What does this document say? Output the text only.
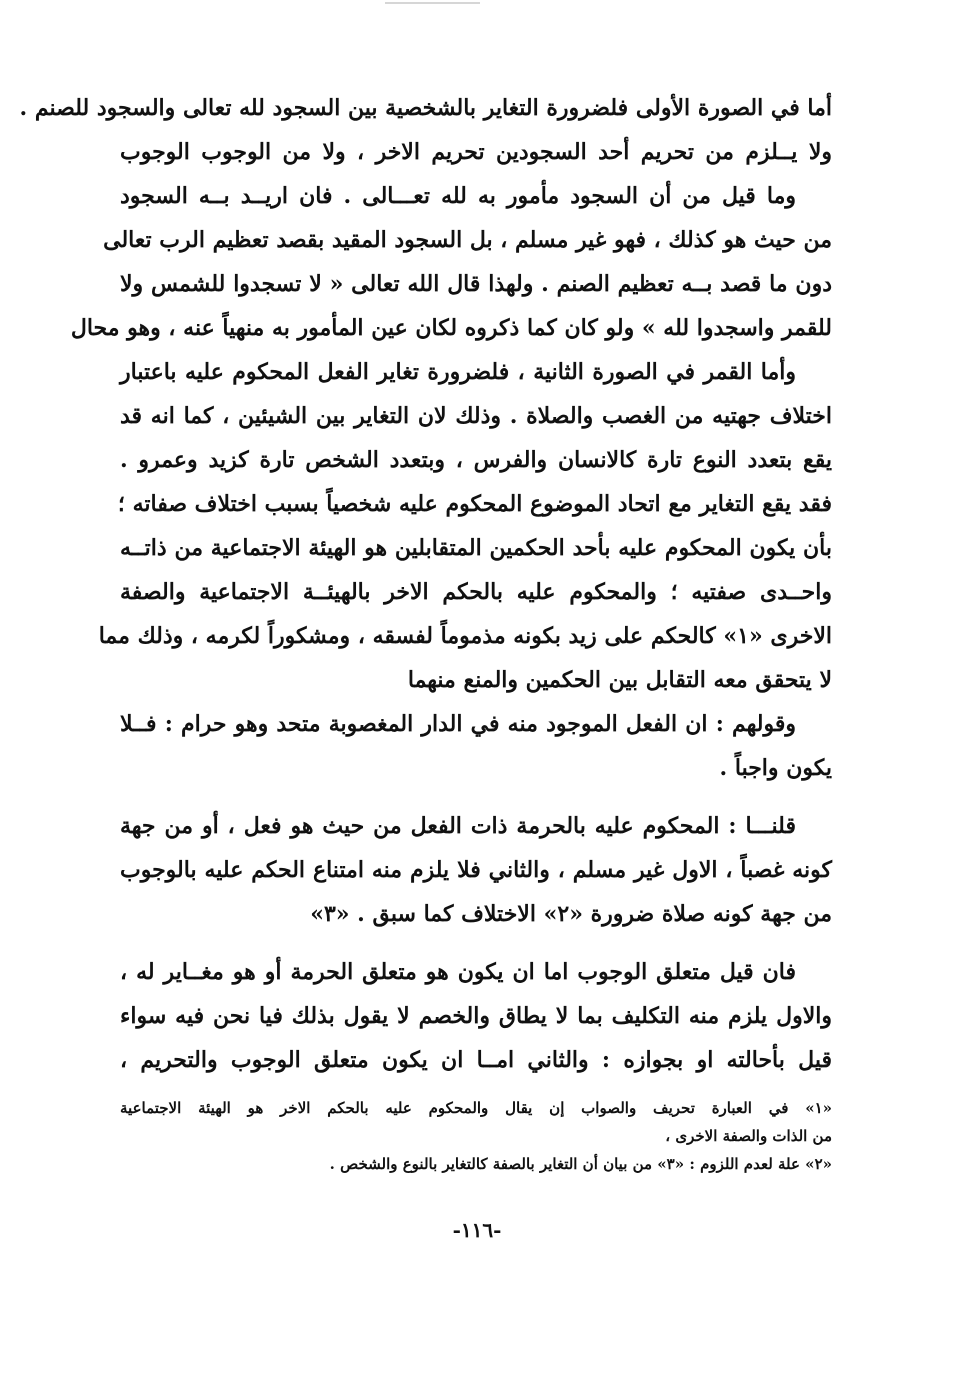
أما في الصورة الأولى فلضرورة التغاير بالشخصية بين السجود لله تعالى والسجود للصنم .
ولا يــلزم من تحريم أحد السجودين تحريم الاخر ، ولا من الوجوب الوجوب
وما قيل من أن السجود مأمور به لله تعـــالى . فان اريــد بــه السجود
من حيث هو كذلك ، فهو غير مسلم ، بل السجود المقيد بقصد تعظيم الرب تعالى
دون ما قصد بــه تعظيم الصنم . ولهذا قال الله تعالى « لا تسجدوا للشمس ولا
للقمر واسجدوا لله » ولو كان كما ذكروه لكان عين المأمور به منهياً عنه ، وهو محال
وأما القمر في الصورة الثانية ، فلضرورة تغاير الفعل المحكوم عليه باعتبار
اختلاف جهتيه من الغصب والصلاة . وذلك لان التغاير بين الشيئين ، كما انه قد
يقع بتعدد النوع تارة كالانسان والفرس ، وبتعدد الشخص تارة كزيد وعمرو .
فقد يقع التغاير مع اتحاد الموضوع المحكوم عليه شخصياً بسبب اختلاف صفاته ؛
بأن يكون المحكوم عليه بأحد الحكمين المتقابلين هو الهيئة الاجتماعية من ذاتــه
واحــدى صفتيه ؛ والمحكوم عليه بالحكم الاخر بالهيئــة الاجتماعية والصفة
الاخرى «١» كالحكم على زيد بكونه مذموماً لفسقه ، ومشكوراً لكرمه ، وذلك مما
لا يتحقق معه التقابل بين الحكمين والمنع منهما
وقولهم : ان الفعل الموجود منه في الدار المغصوبة متحد وهو حرام : فــلا
يكون واجباً .
قلنـــا : المحكوم عليه بالحرمة ذات الفعل من حيث هو فعل ، أو من جهة
كونه غصباً ، الاول غير مسلم ، والثاني فلا يلزم منه امتناع الحكم عليه بالوجوب
من جهة كونه صلاة ضرورة «٢» الاختلاف كما سبق . «٣»
فان قيل متعلق الوجوب اما ان يكون هو متعلق الحرمة أو هو مغــاير له ،
والاول يلزم منه التكليف بما لا يطاق والخصم لا يقول بذلك فيا نحن فيه سواء
قيل بأحالته او بجوازه : والثاني امــا ان يكون متعلق الوجوب والتحريم ،
«١» في العبارة تحريف والصواب إن يقال والمحكوم عليه بالحكم الاخر هو الهيئة الاجتماعية
من الذات والصفة الاخرى ،
«٢» علة لعدم اللزوم : «٣» من بيان أن التغاير بالصفة كالتغاير بالنوع والشخص .
-١١٦-
